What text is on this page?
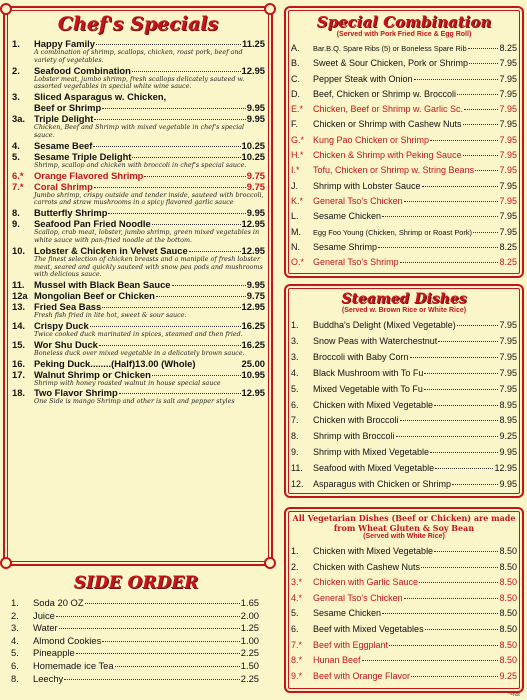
Chef's Specials
1.	Happy Family	11.25
A combination of shrimp, scallops, chicken, roast pork, beef and variety of vegetables.
2.	Seafood Combination	12.95
Lobster meat, jumbo shrimp, fresh scallops delicately sauteed w. assorted vegetables in special white wine sauce.
3.	Sliced Asparagus w. Chicken,
Beef or Shrimp	9.95
3a. Triple Delight	9.95
Chicken, Beef and Shrimp with mixed vegetable in chef's special sauce.
4.	Sesame Beef	10.25
5.	Sesame Triple Delight	10.25
Shrimp, scallop and chicken with broccoli in chef's special sauce.
6.*	Orange Flavored Shrimp	9.75
7.*	Coral Shrimp	9.75
Jumbo shrimp, crispy outside and tender inside, sauteed with broccoli, carrots and straw mushrooms in a spicy flavored garlic sauce
8.	Butterfly Shrimp	9.95
9.	Seafood Pan Fried Noodle	12.95
Scallop, crab meat, lobster, jumbo shrimp, green mixed vegetables in white sauce with pan-fried noodle at the bottom.
10. Lobster & Chicken in Velvet Sauce	12.95
The finest selection of chicken breasts and a manipile of fresh lobster meat, seared and quickly sauteed with snow pea pods and mushrooms with delicious sauce.
11.	Mussel with Black Bean Sauce	9.95
12a Mongolian Beef or Chicken	9.75
13. Fried Sea Bass	12.95
Fresh fish fried in lite hot, sweet & sour sauce.
14. Crispy Duck	16.25
Twice cooked duck marinated in spices, steamed and then fried.
15. Wor Shu Duck	16.25
Boneless duck over mixed vegetable in a delicately brown sauce.
16. Peking Duck........(Half)13.00 (Whole)	25.00
17. Walnut Shrimp or Chicken	10.95
Shrimp with honey roasted walnut in house special sauce
18. Two Flavor Shrimp	12.95
One Side is mango Shrimp and other is salt and pepper styles
SIDE ORDER
1.	Soda 20 OZ	1.65
2.	Juice	2.00
3.	Water	1.25
4.	Almond Cookies	1.00
5.	Pineapple	2.25
6.	Homemade ice Tea	1.50
8.	Leechy	2.25
Special Combination
(Served with Pork Fried Rice & Egg Roll)
A.	Bar.B.Q. Spare Ribs (5) or Boneless Spare Rib	8.25
B.	Sweet & Sour Chicken, Pork or Shrimp	7.95
C.	Pepper Steak with Onion	7.95
D.	Beef, Chicken or Shrimp w. Broccoli	7.95
E.*	Chicken, Beef or Shrimp w. Garlic Sc.	7.95
F.	Chicken or Shrimp with Cashew Nuts	7.95
G.* Kung Pao Chicken or Shrimp	7.95
H.*	Chicken & Shrimp with Peking Sauce	7.95
I.*	Tofu, Chicken or Shrimp w. String Beans	7.95
J.	Shrimp with Lobster Sauce	7.95
K.*	General Tso's Chicken	7.95
L.	Sesame Chicken	7.95
M.	Egg Foo Young (Chicken, Shrimp or Roast Pork)	7.95
N.	Sesame Shrimp	8.25
O.* General Tso's Shrimp	8.25
Steamed Dishes
(Served w. Brown Rice or White Rice)
1.	Buddha's Delight (Mixed Vegetable)	7.95
3.	Snow Peas with Waterchestnut	7.95
3.	Broccoli with Baby Corn	7.95
4.	Black Mushroom with To Fu	7.95
5.	Mixed Vegetable with To Fu	7.95
6.	Chicken with Mixed Vegetable	8.95
7.	Chicken with Broccoli	8.95
8.	Shrimp with Broccoli	9.25
9.	Shrimp with Mixed Vegetable	9.95
11.	Seafood with Mixed Vegetable	12.95
12.	Asparagus with Chicken or Shrimp	9.95
All Vegetarian Dishes (Beef or Chicken) are made from Wheat Gluten & Soy Bean
(Served with White Rice)
1.	Chicken with Mixed Vegetable	8.50
2.	Chicken with Cashew Nuts	8.50
3.*	Chicken with Garlic Sauce	8.50
4.*	General Tso's Chicken	8.50
5.	Sesame Chicken	8.50
6.	Beef with Mixed Vegetables	8.50
7.*	Beef with Eggplant	8.50
8.*	Hunan Beef	8.50
9.*	Beef with Orange Flavor	9.25
*=hot
